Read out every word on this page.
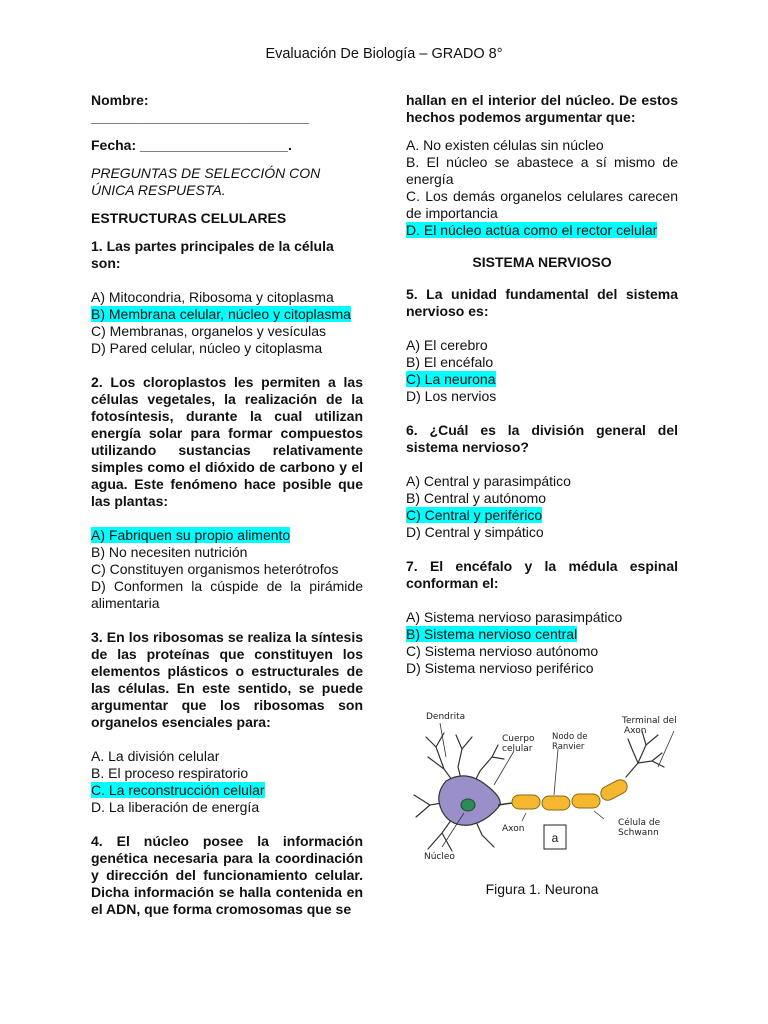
Evaluación De Biología – GRADO 8°

Nombre: ____________________________

Fecha: ___________________.

PREGUNTAS DE SELECCIÓN CON ÚNICA RESPUESTA.

ESTRUCTURAS CELULARES

1. Las partes principales de la célula son:

A) Mitocondria, Ribosoma y citoplasma

B) Membrana celular, núcleo y citoplasma

C) Membranas, organelos y vesículas

D) Pared celular, núcleo y citoplasma

2. Los cloroplastos les permiten a las células vegetales, la realización de la fotosíntesis, durante la cual utilizan energía solar para formar compuestos utilizando sustancias relativamente simples como el dióxido de carbono y el agua. Este fenómeno hace posible que las plantas:

A) Fabriquen su propio alimento

B) No necesiten nutrición

C) Constituyen organismos heterótrofos

D) Conformen la cúspide de la pirámide alimentaria

3. En los ribosomas se realiza la síntesis de las proteínas que constituyen los elementos plásticos o estructurales de las células. En este sentido, se puede argumentar que los ribosomas son organelos esenciales para:

A. La división celular

B. El proceso respiratorio

C. La reconstrucción celular

D. La liberación de energía

4. El núcleo posee la información genética necesaria para la coordinación y dirección del funcionamiento celular. Dicha información se halla contenida en el ADN, que forma cromosomas que se

hallan en el interior del núcleo. De estos hechos podemos argumentar que:

A. No existen células sin núcleo

B. El núcleo se abastece a sí mismo de energía

C. Los demás organelos celulares carecen de importancia

D. El núcleo actúa como el rector celular

SISTEMA NERVIOSO

5. La unidad fundamental del sistema nervioso es:

A) El cerebro

B) El encéfalo

C) La neurona

D) Los nervios

6. ¿Cuál es la división general del sistema nervioso?

A) Central y parasimpático

B) Central y autónomo

C) Central y periférico

D) Central y simpático

7. El encéfalo y la médula espinal conforman el:

A) Sistema nervioso parasimpático

B) Sistema nervioso central

C) Sistema nervioso autónomo

D) Sistema nervioso periférico

Dendrita	Terminal del
Axon
Cuerpo
celular
Nodo de
Ranvier
Axon
Célula de
Schwann
Núcleo
a

Figura 1. Neurona
